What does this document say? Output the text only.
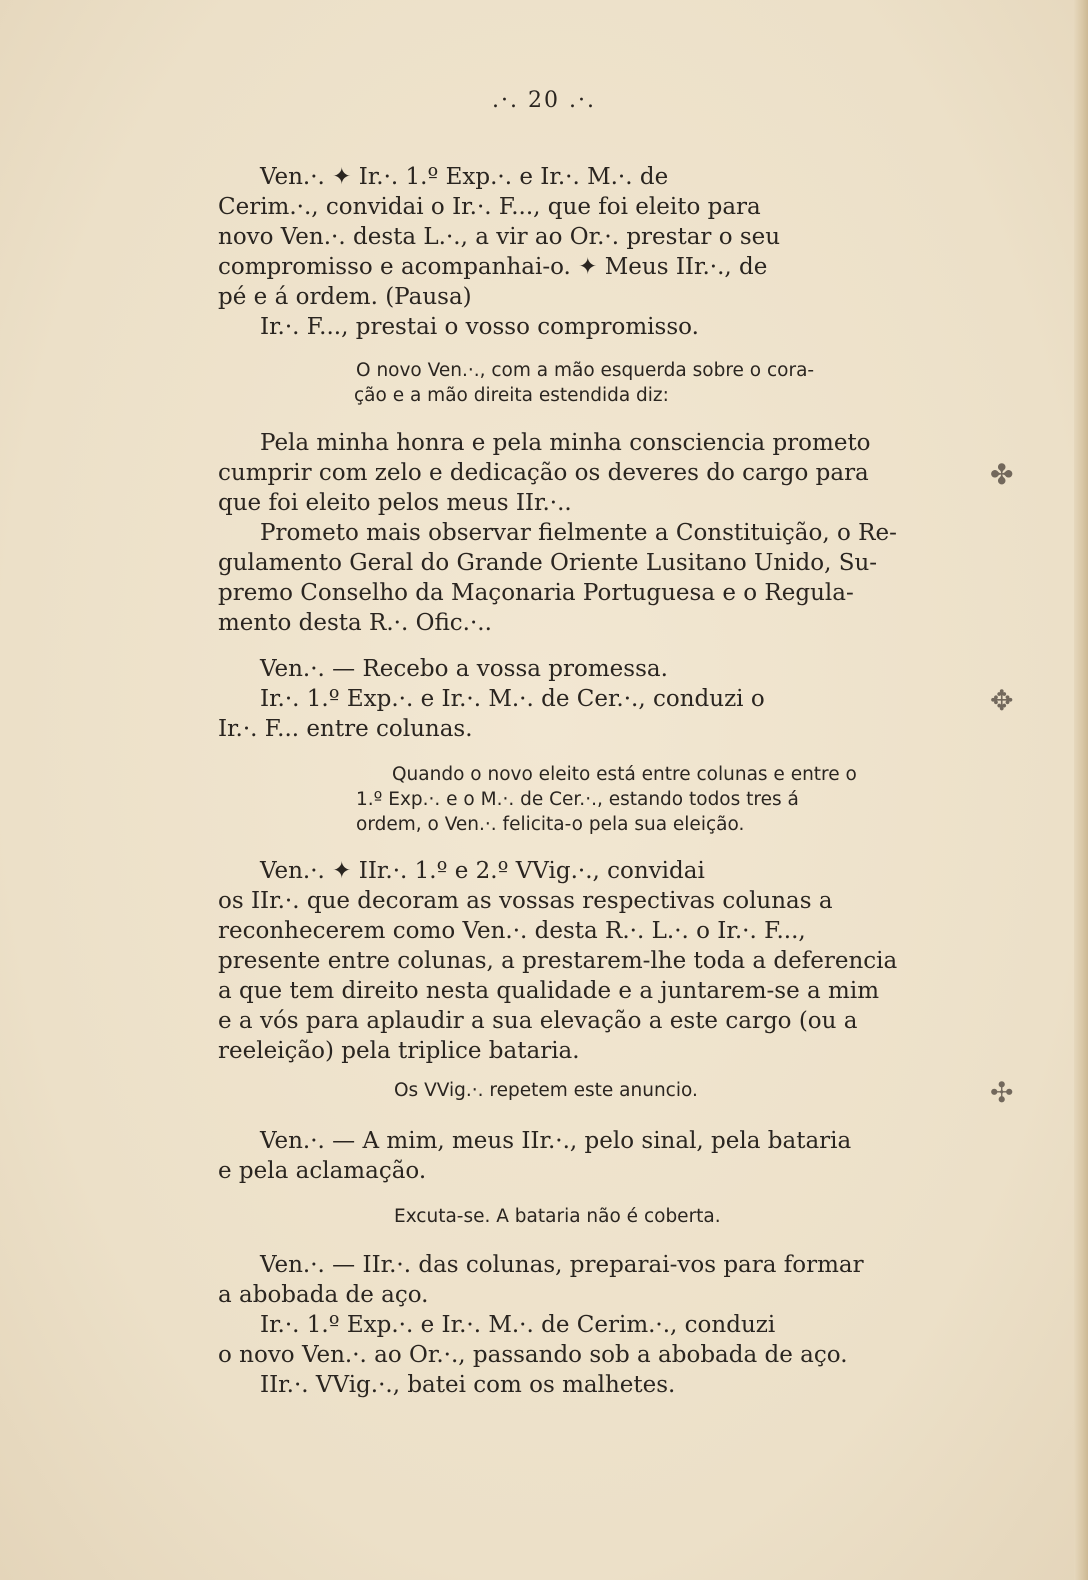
.·. 20 .·.
Ven.·. ✦ Ir.·. 1.º Exp.·. e Ir.·. M.·. de
Cerim.·., convidai o Ir.·. F..., que foi eleito para
novo Ven.·. desta L.·., a vir ao Or.·. prestar o seu
compromisso e acompanhai-o. ✦ Meus IIr.·., de
pé e á ordem. (Pausa)
Ir.·. F..., prestai o vosso compromisso.
O novo Ven.·., com a mão esquerda sobre o cora-
ção e a mão direita estendida diz:
Pela minha honra e pela minha consciencia prometo
cumprir com zelo e dedicação os deveres do cargo para
que foi eleito pelos meus IIr.·..
Prometo mais observar fielmente a Constituição, o Re-
gulamento Geral do Grande Oriente Lusitano Unido, Su-
premo Conselho da Maçonaria Portuguesa e o Regula-
mento desta R.·. Ofic.·..
Ven.·. — Recebo a vossa promessa.
Ir.·. 1.º Exp.·. e Ir.·. M.·. de Cer.·., conduzi o
Ir.·. F... entre colunas.
Quando o novo eleito está entre colunas e entre o
1.º Exp.·. e o M.·. de Cer.·., estando todos tres á
ordem, o Ven.·. felicita-o pela sua eleição.
Ven.·. ✦ IIr.·. 1.º e 2.º VVig.·., convidai
os IIr.·. que decoram as vossas respectivas colunas a
reconhecerem como Ven.·. desta R.·. L.·. o Ir.·. F...,
presente entre colunas, a prestarem-lhe toda a deferencia
a que tem direito nesta qualidade e a juntarem-se a mim
e a vós para aplaudir a sua elevação a este cargo (ou a
reeleição) pela triplice bataria.
Os VVig.·. repetem este anuncio.
Ven.·. — A mim, meus IIr.·., pelo sinal, pela bataria
e pela aclamação.
Excuta-se. A bataria não é coberta.
Ven.·. — IIr.·. das colunas, preparai-vos para formar
a abobada de aço.
Ir.·. 1.º Exp.·. e Ir.·. M.·. de Cerim.·., conduzi
o novo Ven.·. ao Or.·., passando sob a abobada de aço.
IIr.·. VVig.·., batei com os malhetes.
✤
✥
✣
